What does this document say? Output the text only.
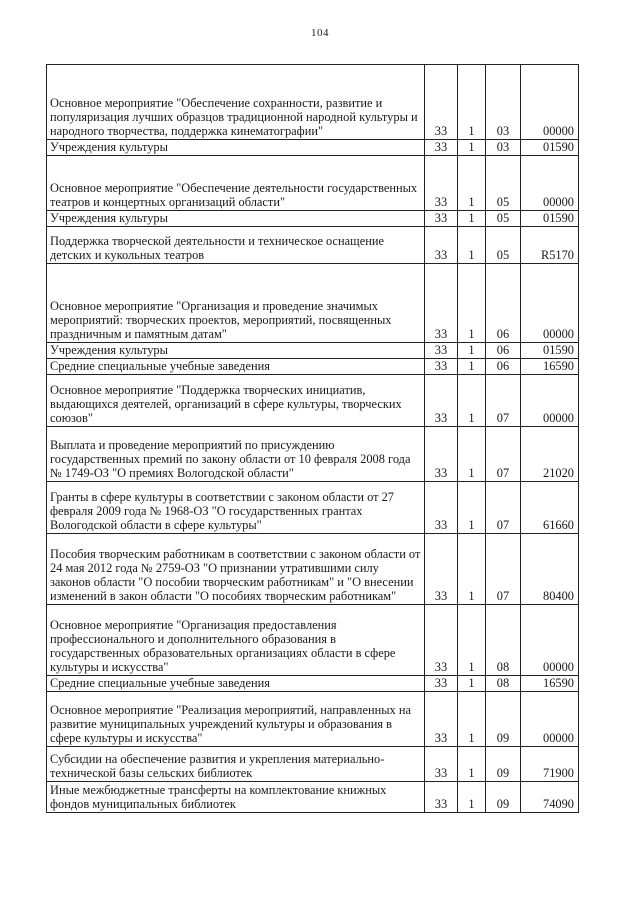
104
Основное мероприятие "Обеспечение сохранности, развитие и популяризация лучших образцов традиционной народной культуры и народного творчества, поддержка кинематографии"	33	1	03	00000
Учреждения культуры	33	1	03	01590
Основное мероприятие "Обеспечение деятельности государственных театров и концертных организаций области"	33	1	05	00000
Учреждения культуры	33	1	05	01590
Поддержка творческой деятельности и техническое оснащение детских и кукольных театров	33	1	05	R5170
Основное мероприятие "Организация и проведение значимых мероприятий: творческих проектов, мероприятий, посвященных праздничным и памятным датам"	33	1	06	00000
Учреждения культуры	33	1	06	01590
Средние специальные учебные заведения	33	1	06	16590
Основное мероприятие "Поддержка творческих инициатив, выдающихся деятелей, организаций в сфере культуры, творческих союзов"	33	1	07	00000
Выплата и проведение мероприятий по присуждению государственных премий по закону области от 10 февраля 2008 года № 1749-ОЗ "О премиях Вологодской области"	33	1	07	21020
Гранты в сфере культуры в соответствии с законом области от 27 февраля 2009 года № 1968-ОЗ "О государственных грантах Вологодской области в сфере культуры"	33	1	07	61660
Пособия творческим работникам в соответствии с законом области от 24 мая 2012 года № 2759-ОЗ "О признании утратившими силу законов области "О пособии творческим работникам" и "О внесении изменений в закон области "О пособиях творческим работникам"	33	1	07	80400
Основное мероприятие "Организация предоставления профессионального и дополнительного образования в государственных образовательных организациях области в сфере культуры и искусства"	33	1	08	00000
Средние специальные учебные заведения	33	1	08	16590
Основное мероприятие "Реализация мероприятий, направленных на развитие муниципальных учреждений культуры и образования в сфере культуры и искусства"	33	1	09	00000
Субсидии на обеспечение развития и укрепления материально-технической базы сельских библиотек	33	1	09	71900
Иные межбюджетные трансферты на комплектование книжных фондов муниципальных библиотек	33	1	09	74090
